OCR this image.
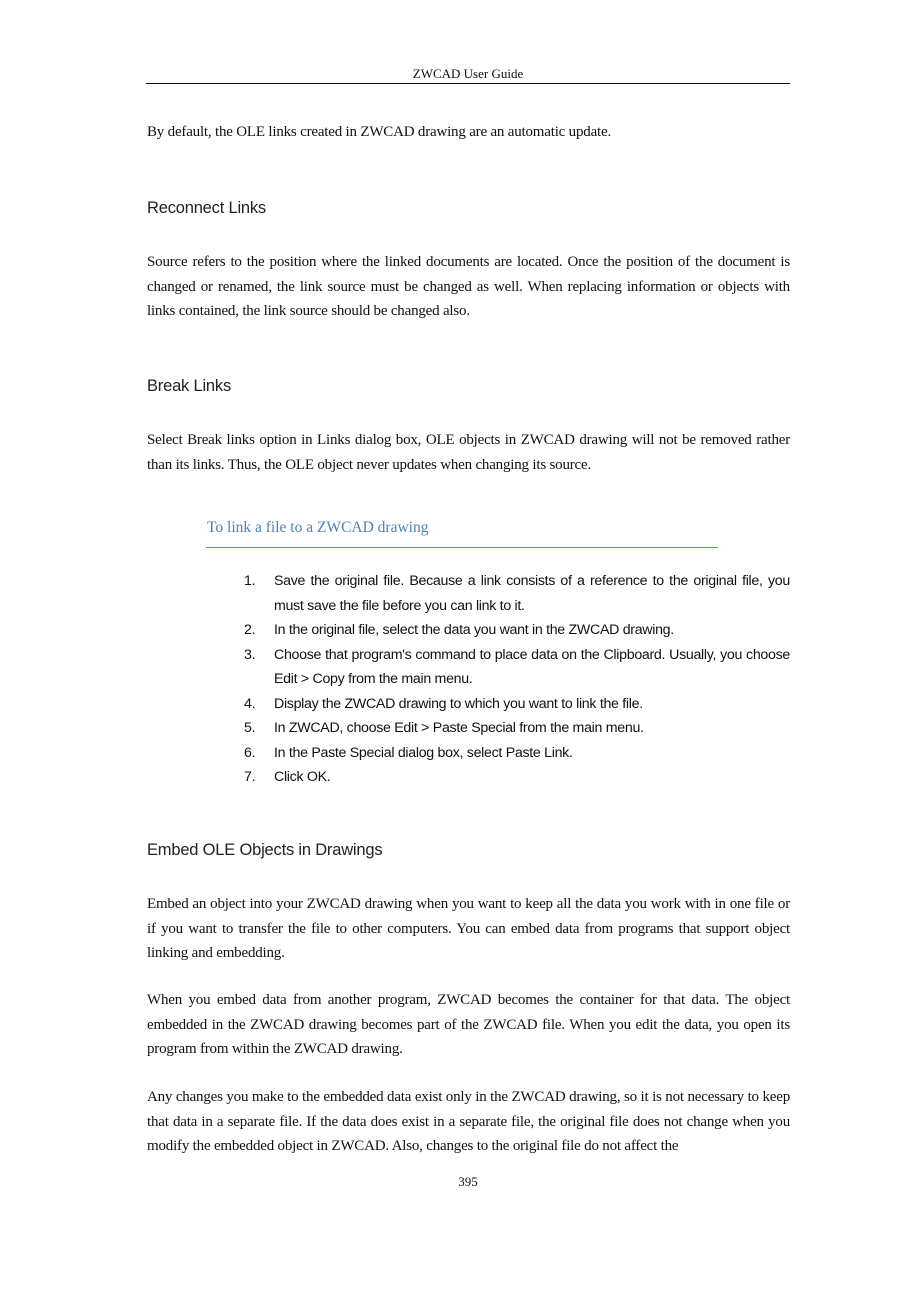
ZWCAD User Guide
By default, the OLE links created in ZWCAD drawing are an automatic update.
Reconnect Links
Source refers to the position where the linked documents are located. Once the position of the document is changed or renamed, the link source must be changed as well. When replacing information or objects with links contained, the link source should be changed also.
Break Links
Select Break links option in Links dialog box, OLE objects in ZWCAD drawing will not be removed rather than its links. Thus, the OLE object never updates when changing its source.
To link a file to a ZWCAD drawing
1.	Save the original file. Because a link consists of a reference to the original file, you must save the file before you can link to it.
2.	In the original file, select the data you want in the ZWCAD drawing.
3.	Choose that program's command to place data on the Clipboard. Usually, you choose Edit > Copy from the main menu.
4.	Display the ZWCAD drawing to which you want to link the file.
5.	In ZWCAD, choose Edit > Paste Special from the main menu.
6.	In the Paste Special dialog box, select Paste Link.
7.	Click OK.
Embed OLE Objects in Drawings
Embed an object into your ZWCAD drawing when you want to keep all the data you work with in one file or if you want to transfer the file to other computers. You can embed data from programs that support object linking and embedding.
When you embed data from another program, ZWCAD becomes the container for that data. The object embedded in the ZWCAD drawing becomes part of the ZWCAD file. When you edit the data, you open its program from within the ZWCAD drawing.
Any changes you make to the embedded data exist only in the ZWCAD drawing, so it is not necessary to keep that data in a separate file. If the data does exist in a separate file, the original file does not change when you modify the embedded object in ZWCAD. Also, changes to the original file do not affect the
395
